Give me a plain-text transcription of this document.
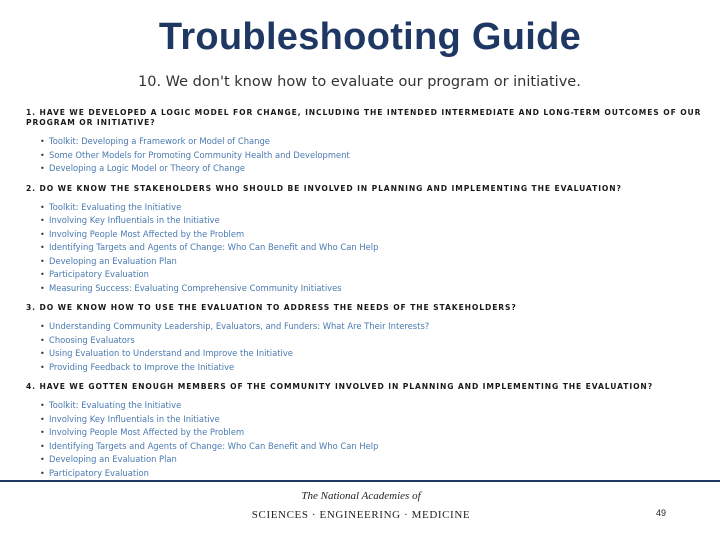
Troubleshooting Guide
10. We don't know how to evaluate our program or initiative.
1. HAVE WE DEVELOPED A LOGIC MODEL FOR CHANGE, INCLUDING THE INTENDED INTERMEDIATE AND LONG-TERM OUTCOMES OF OUR PROGRAM OR INITIATIVE?
• Toolkit: Developing a Framework or Model of Change
• Some Other Models for Promoting Community Health and Development
• Developing a Logic Model or Theory of Change
2. DO WE KNOW THE STAKEHOLDERS WHO SHOULD BE INVOLVED IN PLANNING AND IMPLEMENTING THE EVALUATION?
• Toolkit: Evaluating the Initiative
• Involving Key Influentials in the Initiative
• Involving People Most Affected by the Problem
• Identifying Targets and Agents of Change: Who Can Benefit and Who Can Help
• Developing an Evaluation Plan
• Participatory Evaluation
• Measuring Success: Evaluating Comprehensive Community Initiatives
3. DO WE KNOW HOW TO USE THE EVALUATION TO ADDRESS THE NEEDS OF THE STAKEHOLDERS?
• Understanding Community Leadership, Evaluators, and Funders: What Are Their Interests?
• Choosing Evaluators
• Using Evaluation to Understand and Improve the Initiative
• Providing Feedback to Improve the Initiative
4. HAVE WE GOTTEN ENOUGH MEMBERS OF THE COMMUNITY INVOLVED IN PLANNING AND IMPLEMENTING THE EVALUATION?
• Toolkit: Evaluating the Initiative
• Involving Key Influentials in the Initiative
• Involving People Most Affected by the Problem
• Identifying Targets and Agents of Change: Who Can Benefit and Who Can Help
• Developing an Evaluation Plan
• Participatory Evaluation
The National Academies of
SCIENCES · ENGINEERING · MEDICINE	49
